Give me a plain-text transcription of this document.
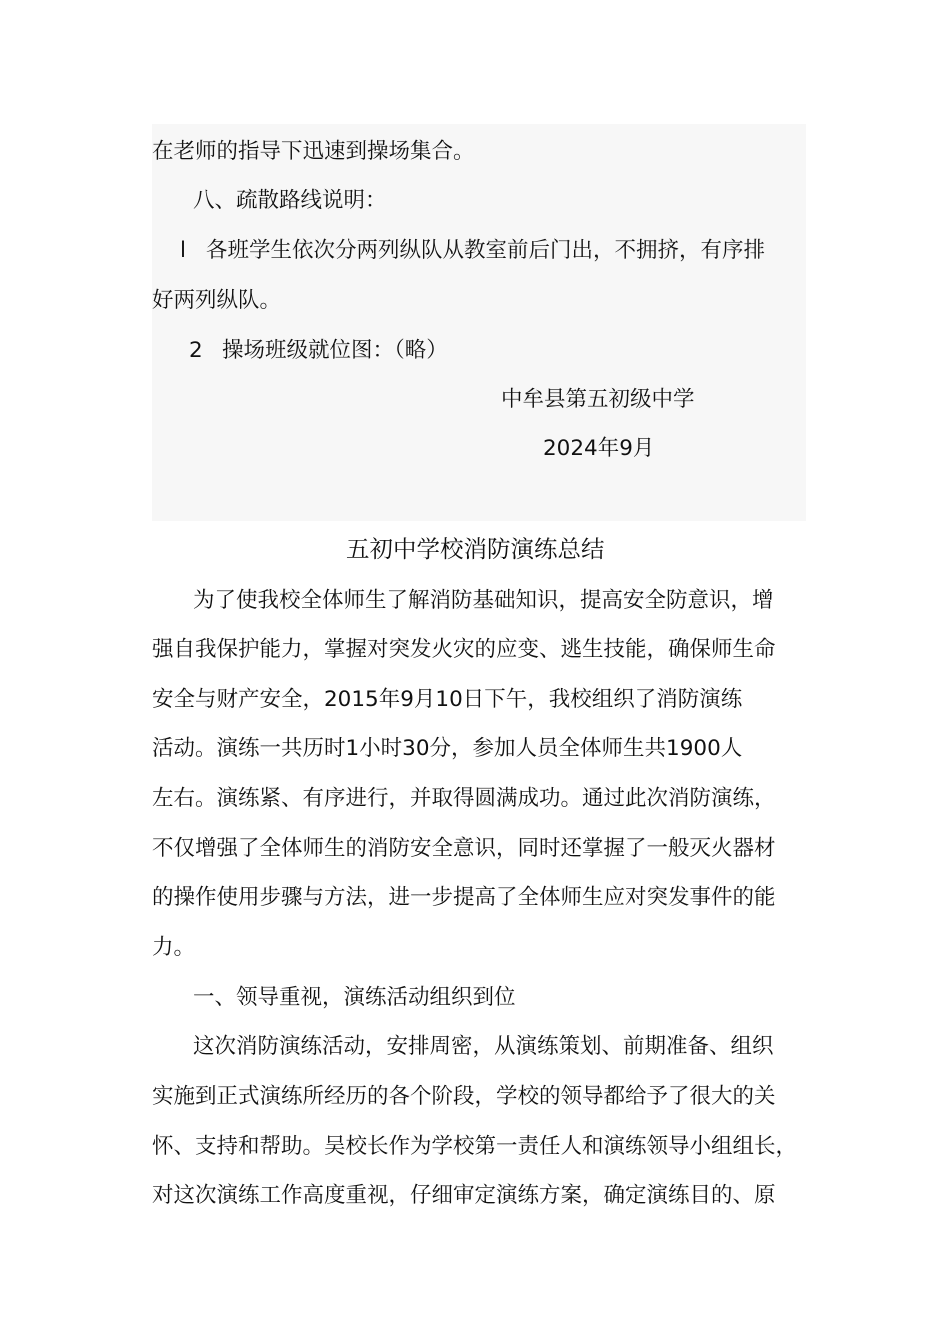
在老师的指导下迅速到操场集合。
八、疏散路线说明：
l 各班学生依次分两列纵队从教室前后门出，不拥挤，有序排
好两列纵队。
2 操场班级就位图：（略）
中牟县第五初级中学
2024年9月
五初中学校消防演练总结
为了使我校全体师生了解消防基础知识，提高安全防意识，增
强自我保护能力，掌握对突发火灾的应变、逃生技能，确保师生命
安全与财产安全，2015年9月10日下午，我校组织了消防演练
活动。演练一共历时1小时30分，参加人员全体师生共1900人
左右。演练紧、有序进行，并取得圆满成功。通过此次消防演练，
不仅增强了全体师生的消防安全意识，同时还掌握了一般灭火器材
的操作使用步骤与方法，进一步提高了全体师生应对突发事件的能
力。
一、领导重视，演练活动组织到位
这次消防演练活动，安排周密，从演练策划、前期准备、组织
实施到正式演练所经历的各个阶段，学校的领导都给予了很大的关
怀、支持和帮助。吴校长作为学校第一责任人和演练领导小组组长，
对这次演练工作高度重视，仔细审定演练方案，确定演练目的、原
